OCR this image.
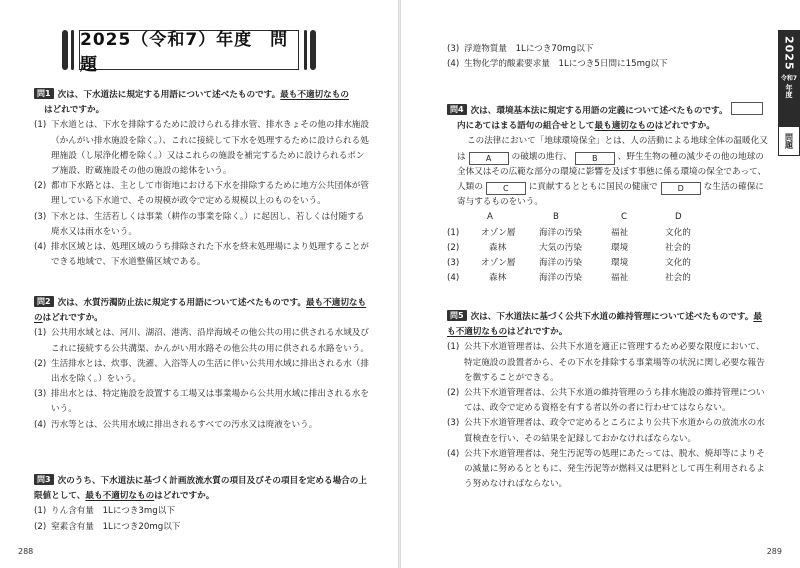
2025（令和7）年度　問題
問1 次は、下水道法に規定する用語について述べたものです。最も不適切なもの
はどれですか。
(1) 下水道とは、下水を排除するために設けられる排水管、排水きょその他の排水施設（かんがい排水施設を除く。）、これに接続して下水を処理するために設けられる処理施設（し尿浄化槽を除く。）又はこれらの施設を補完するために設けられるポンプ施設、貯蔵施設その他の施設の総体をいう。
(2) 都市下水路とは、主として市街地における下水を排除するために地方公共団体が管理している下水道で、その規模が政令で定める規模以上のものをいう。
(3) 下水とは、生活若しくは事業（耕作の事業を除く。）に起因し、若しくは付随する廃水又は雨水をいう。
(4) 排水区域とは、処理区域のうち排除された下水を終末処理場により処理することができる地域で、下水道整備区域である。
問2 次は、水質汚濁防止法に規定する用語について述べたものです。最も不適切なものはどれですか。
(1) 公共用水域とは、河川、湖沼、港湾、沿岸海域その他公共の用に供される水域及びこれに接続する公共溝渠、かんがい用水路その他公共の用に供される水路をいう。
(2) 生活排水とは、炊事、洗濯、入浴等人の生活に伴い公共用水域に排出される水（排出水を除く。）をいう。
(3) 排出水とは、特定施設を設置する工場又は事業場から公共用水域に排出される水をいう。
(4) 汚水等とは、公共用水域に排出されるすべての汚水又は廃液をいう。
問3 次のうち、下水道法に基づく計画放流水質の項目及びその項目を定める場合の上限値として、最も不適切なものはどれですか。
(1) りん含有量　1Lにつき3mg以下
(2) 窒素含有量　1Lにつき20mg以下
288
(3) 浮遊物質量　1Lにつき70mg以下
(4) 生物化学的酸素要求量　1Lにつき5日間に15mg以下
問4 次は、環境基本法に規定する用語の定義について述べたものです。
内にあてはまる語句の組合せとして最も適切なものはどれですか。
この法律において「地球環境保全」とは、人の活動による地球全体の温暖化又は	A の破壊の進行、	B 、野生生物の種の減少その他の地球の全体又はその広範な部分の環境に影響を及ぼす事態に係る環境の保全であって、人類の	C に貢献するとともに国民の健康で D な生活の確保に寄与するものをいう。
	A	B	C	D
(1)	オゾン層	海洋の汚染	福祉	文化的
(2)	森林	大気の汚染	環境	社会的
(3)	オゾン層	海洋の汚染	環境	文化的
(4)	森林	海洋の汚染	福祉	社会的
問5 次は、下水道法に基づく公共下水道の維持管理について述べたものです。最も不適切なものはどれですか。
(1) 公共下水道管理者は、公共下水道を適正に管理するため必要な限度において、特定施設の設置者から、その下水を排除する事業場等の状況に関し必要な報告を徴することができる。
(2) 公共下水道管理者は、公共下水道の維持管理のうち排水施設の維持管理については、政令で定める資格を有する者以外の者に行わせてはならない。
(3) 公共下水道管理者は、政令で定めるところにより公共下水道からの放流水の水質検査を行い、その結果を記録しておかなければならない。
(4) 公共下水道管理者は、発生汚泥等の処理にあたっては、脱水、焼却等によりその減量に努めるとともに、発生汚泥等が燃料又は肥料として再生利用されるよう努めなければならない。
2025
令和7
年度
問題
289
